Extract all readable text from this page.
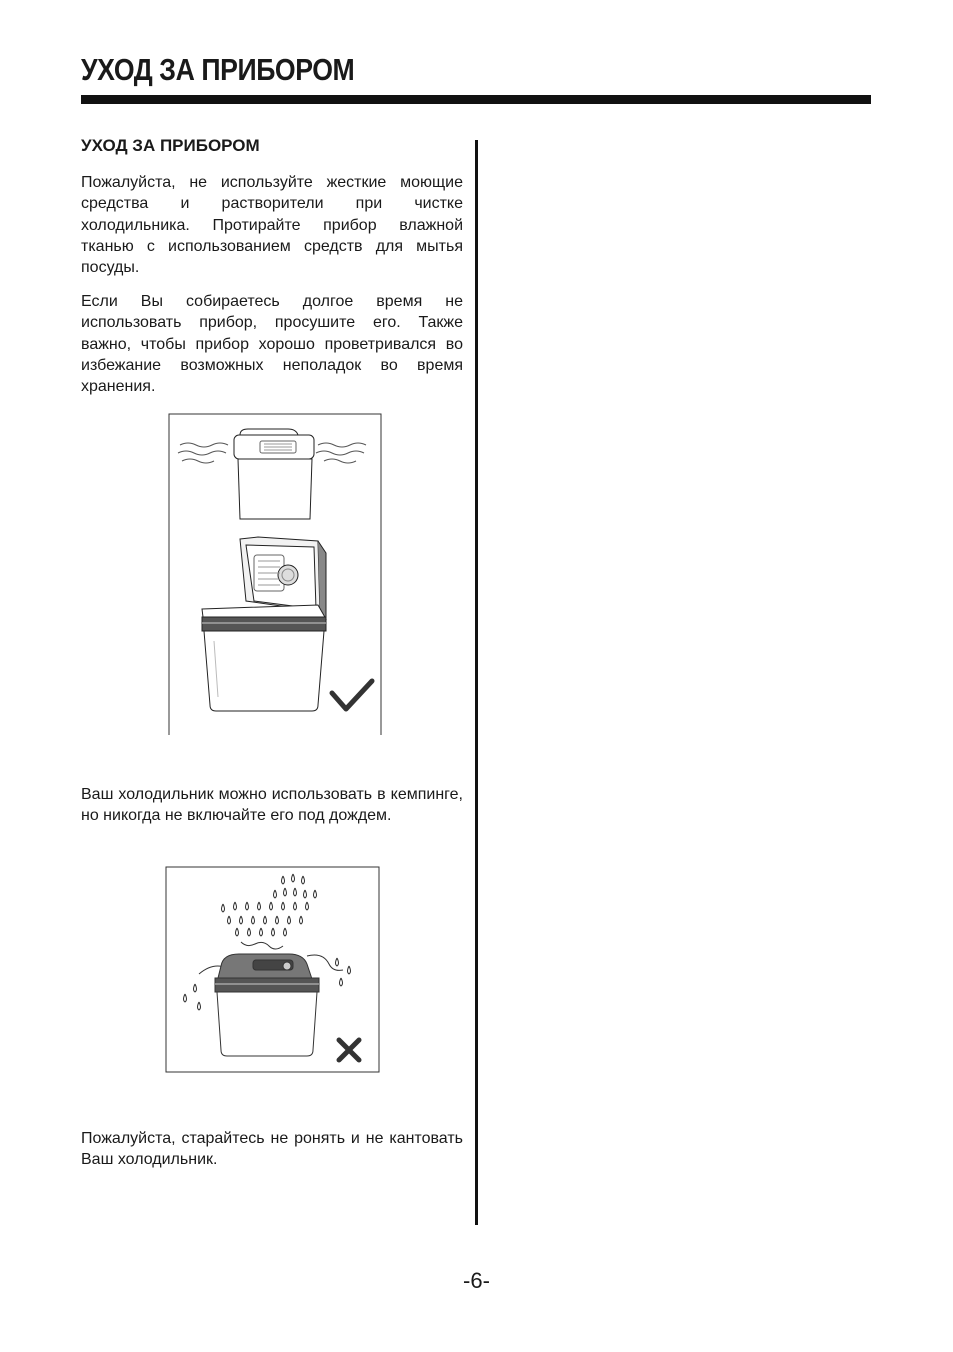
УХОД ЗА ПРИБОРОМ
УХОД ЗА ПРИБОРОМ

Пожалуйста, не используйте жесткие моющие средства и растворители при чистке холодильника. Протирайте прибор влажной тканью с использованием средств для мытья посуды.

Если Вы собираетесь долгое время не использовать прибор, просушите его. Также важно, чтобы прибор хорошо проветривался во избежание возможных неполадок во время хранения.

Ваш холодильник можно использовать в кемпинге, но никогда не включайте его под дождем.

Пожалуйста, старайтесь не ронять и не кантовать Ваш холодильник.

-6-
